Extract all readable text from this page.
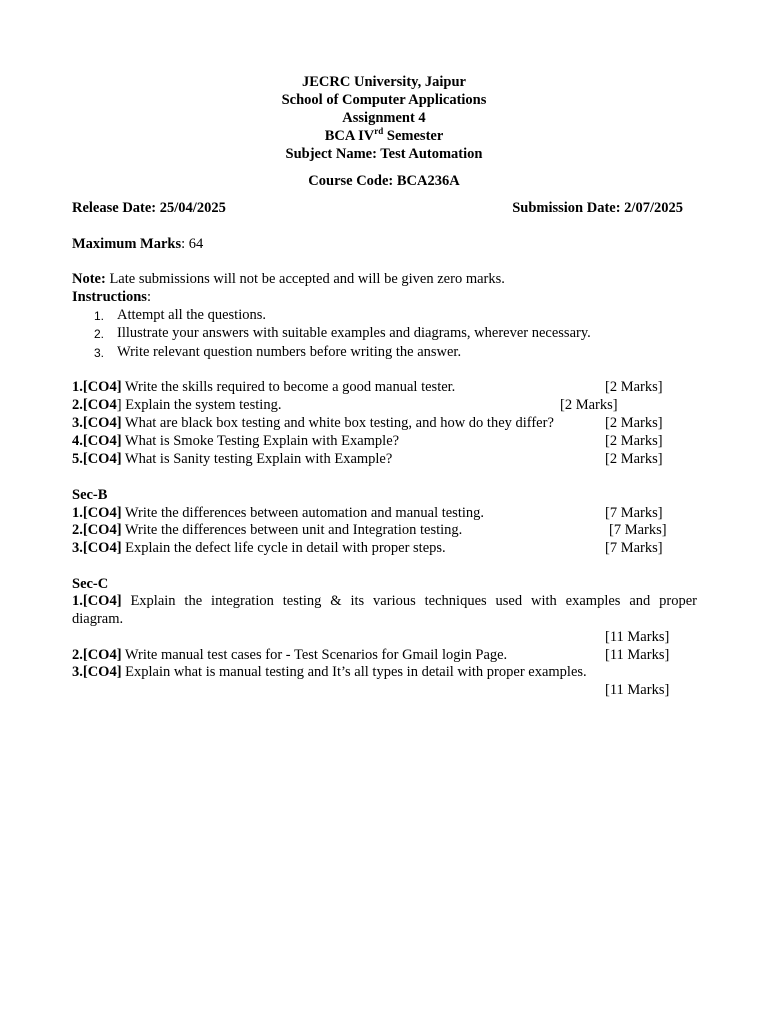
JECRC University, Jaipur
School of Computer Applications
Assignment 4
BCA IVrd Semester
Subject Name: Test Automation
Course Code: BCA236A
Release Date: 25/04/2025	Submission Date: 2/07/2025
Maximum Marks: 64
Note: Late submissions will not be accepted and will be given zero marks.
Instructions:
1. Attempt all the questions.
2. Illustrate your answers with suitable examples and diagrams, wherever necessary.
3. Write relevant question numbers before writing the answer.
1.[CO4] Write the skills required to become a good manual tester.	[2 Marks]
2.[CO4] Explain the system testing.	[2 Marks]
3.[CO4] What are black box testing and white box testing, and how do they differ?	[2 Marks]
4.[CO4] What is Smoke Testing Explain with Example?	[2 Marks]
5.[CO4] What is Sanity testing Explain with Example?	[2 Marks]
Sec-B
1.[CO4] Write the differences between automation and manual testing.	[7 Marks]
2.[CO4] Write the differences between unit and Integration testing.	[7 Marks]
3.[CO4] Explain the defect life cycle in detail with proper steps.	[7 Marks]
Sec-C
1.[CO4] Explain the integration testing & its various techniques used with examples and proper
diagram.
[11 Marks]
2.[CO4] Write manual test cases for - Test Scenarios for Gmail login Page.	[11 Marks]
3.[CO4] Explain what is manual testing and It’s all types in detail with proper examples.
[11 Marks]
